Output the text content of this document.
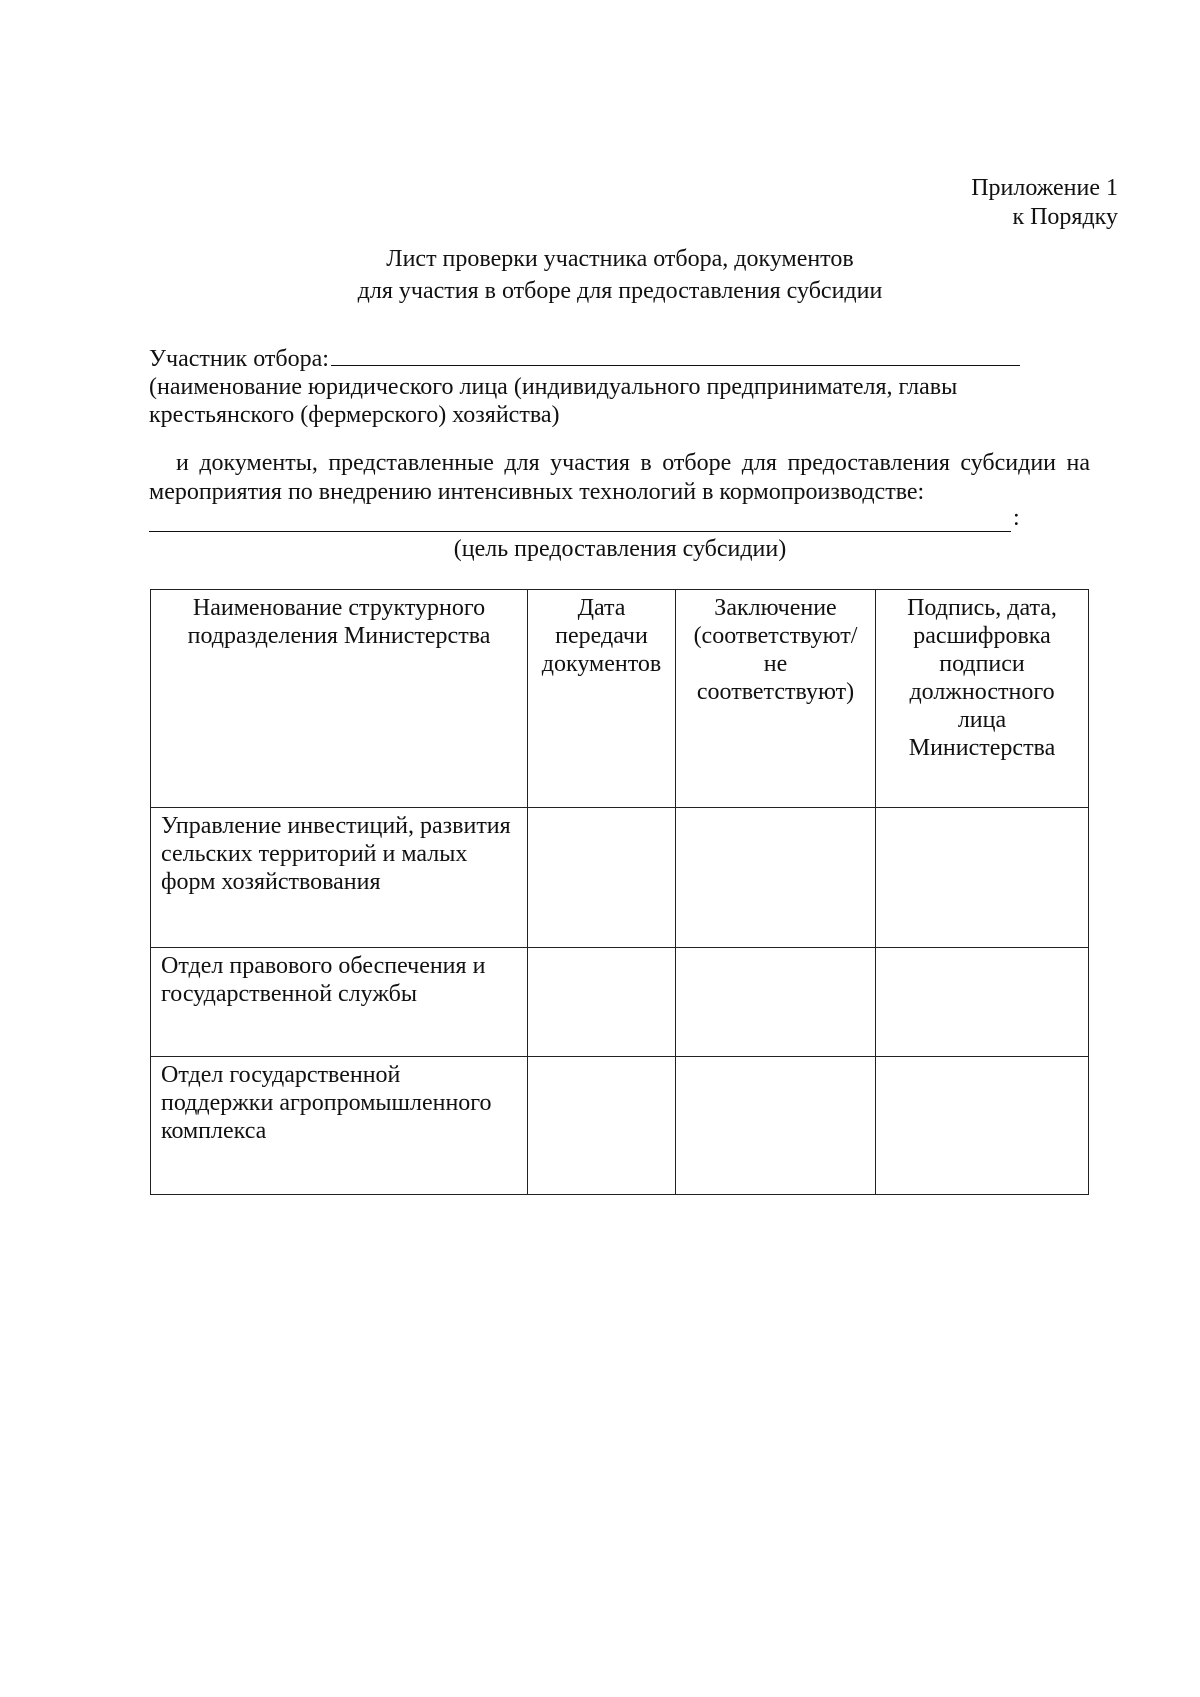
Приложение 1
к Порядку
Лист проверки участника отбора, документов
для участия в отборе для предоставления субсидии
Участник отбора:
(наименование юридического лица (индивидуального предпринимателя, главы крестьянского (фермерского) хозяйства)
и документы, представленные для участия в отборе для предоставления субсидии на мероприятия по внедрению интенсивных технологий в кормопроизводстве:
:
(цель предоставления субсидии)
Наименование структурного подразделения Министерства	Дата передачи документов	Заключение (соответствуют/ не соответствуют)	Подпись, дата, расшифровка подписи должностного лица Министерства
Управление инвестиций, развития сельских территорий и малых форм хозяйствования			
Отдел правового обеспечения и государственной службы			
Отдел государственной поддержки агропромышленного комплекса			
